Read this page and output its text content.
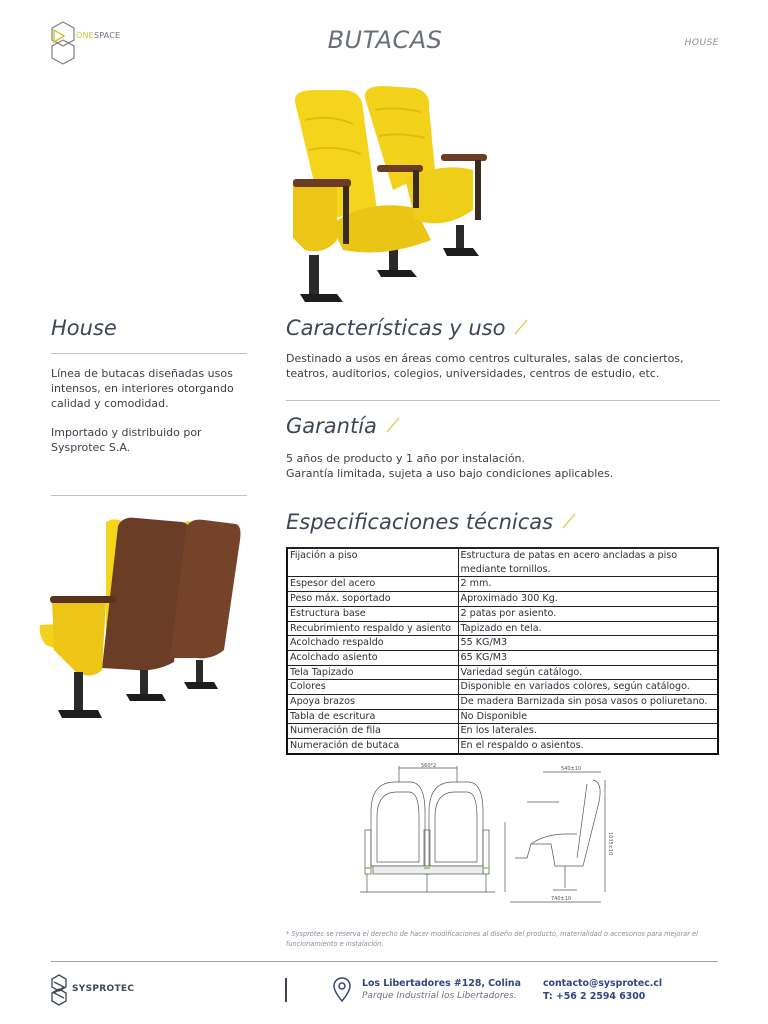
ONESPACE	BUTACAS	HOUSE
House
Línea de butacas diseñadas usos intensos, en interiores otorgando calidad y comodidad.
Importado y distribuido por Sysprotec S.A.
Características y uso
Destinado a usos en áreas como centros culturales, salas de conciertos, teatros, auditorios, colegios, universidades, centros de estudio, etc.
Garantía
5 años de producto y 1 año por instalación.
Garantía limitada, sujeta a uso bajo condiciones aplicables.
Especificaciones técnicas
Fijación a piso	Estructura de patas en acero ancladas a piso mediante tornillos.
Espesor del acero	2 mm.
Peso máx. soportado	Aproximado 300 Kg.
Estructura base	2 patas por asiento.
Recubrimiento respaldo y asiento	Tapizado en tela.
Acolchado respaldo	55 KG/M3
Acolchado asiento	65 KG/M3
Tela Tapizado	Variedad según catálogo.
Colores	Disponible en variados colores, según catálogo.
Apoya brazos	De madera Barnizada sin posa vasos o poliuretano.
Tabla de escritura	No Disponible
Numeración de fila	En los laterales.
Numeración de butaca	En el respaldo o asientos.
560*2	540±10
740±10
1035±10
* Sysprotec se reserva el derecho de hacer modificaciones al diseño del producto, materialidad o accesorios para mejorar el funcionamiento e instalación.
SYSPROTEC	Los Libertadores #128, Colina
Parque Industrial los Libertadores.
contacto@sysprotec.cl
T: +56 2 2594 6300
